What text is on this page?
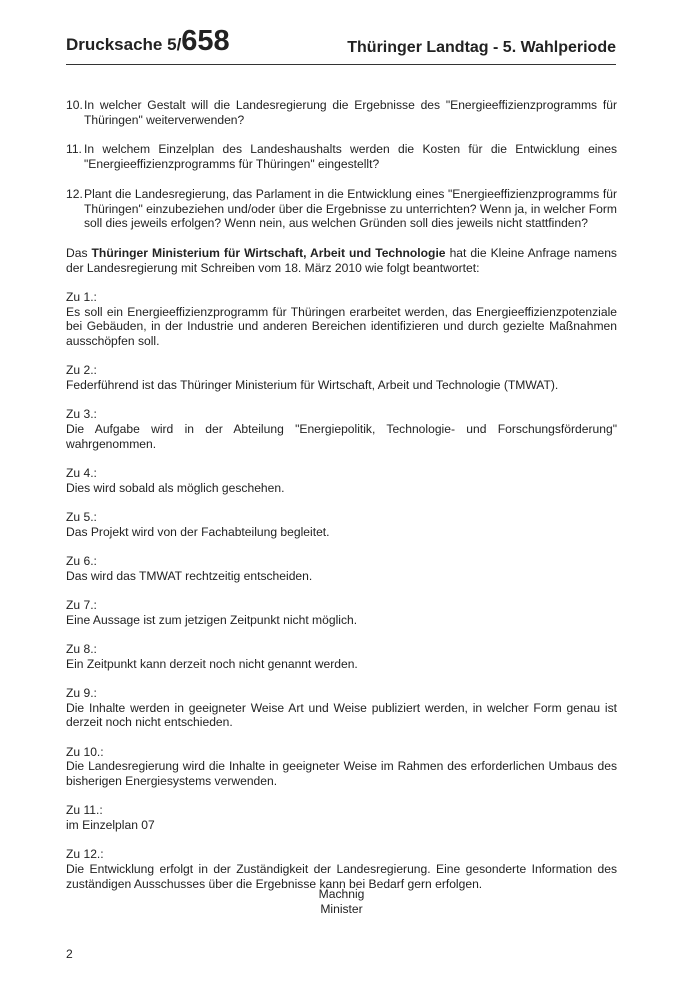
Drucksache 5/658	Thüringer Landtag - 5. Wahlperiode
10. In welcher Gestalt will die Landesregierung die Ergebnisse des "Energieeffizienzprogramms für Thüringen" weiterverwenden?
11. In welchem Einzelplan des Landeshaushalts werden die Kosten für die Entwicklung eines "Energieeffizienzprogramms für Thüringen" eingestellt?
12. Plant die Landesregierung, das Parlament in die Entwicklung eines "Energieeffizienzprogramms für Thüringen" einzubeziehen und/oder über die Ergebnisse zu unterrichten? Wenn ja, in welcher Form soll dies jeweils erfolgen? Wenn nein, aus welchen Gründen soll dies jeweils nicht stattfinden?

Das Thüringer Ministerium für Wirtschaft, Arbeit und Technologie hat die Kleine Anfrage namens der Landesregierung mit Schreiben vom 18. März 2010 wie folgt beantwortet:

Zu 1.:
Es soll ein Energieeffizienzprogramm für Thüringen erarbeitet werden, das Energieeffizienzpotenziale bei Gebäuden, in der Industrie und anderen Bereichen identifizieren und durch gezielte Maßnahmen ausschöpfen soll.
Zu 2.:
Federführend ist das Thüringer Ministerium für Wirtschaft, Arbeit und Technologie (TMWAT).
Zu 3.:
Die Aufgabe wird in der Abteilung "Energiepolitik, Technologie- und Forschungsförderung" wahrgenommen.
Zu 4.:
Dies wird sobald als möglich geschehen.
Zu 5.:
Das Projekt wird von der Fachabteilung begleitet.
Zu 6.:
Das wird das TMWAT rechtzeitig entscheiden.
Zu 7.:
Eine Aussage ist zum jetzigen Zeitpunkt nicht möglich.
Zu 8.:
Ein Zeitpunkt kann derzeit noch nicht genannt werden.
Zu 9.:
Die Inhalte werden in geeigneter Weise Art und Weise publiziert werden, in welcher Form genau ist derzeit noch nicht entschieden.
Zu 10.:
Die Landesregierung wird die Inhalte in geeigneter Weise im Rahmen des erforderlichen Umbaus des bisherigen Energiesystems verwenden.
Zu 11.:
im Einzelplan 07
Zu 12.:
Die Entwicklung erfolgt in der Zuständigkeit der Landesregierung. Eine gesonderte Information des zuständigen Ausschusses über die Ergebnisse kann bei Bedarf gern erfolgen.
Machnig
Minister
2
